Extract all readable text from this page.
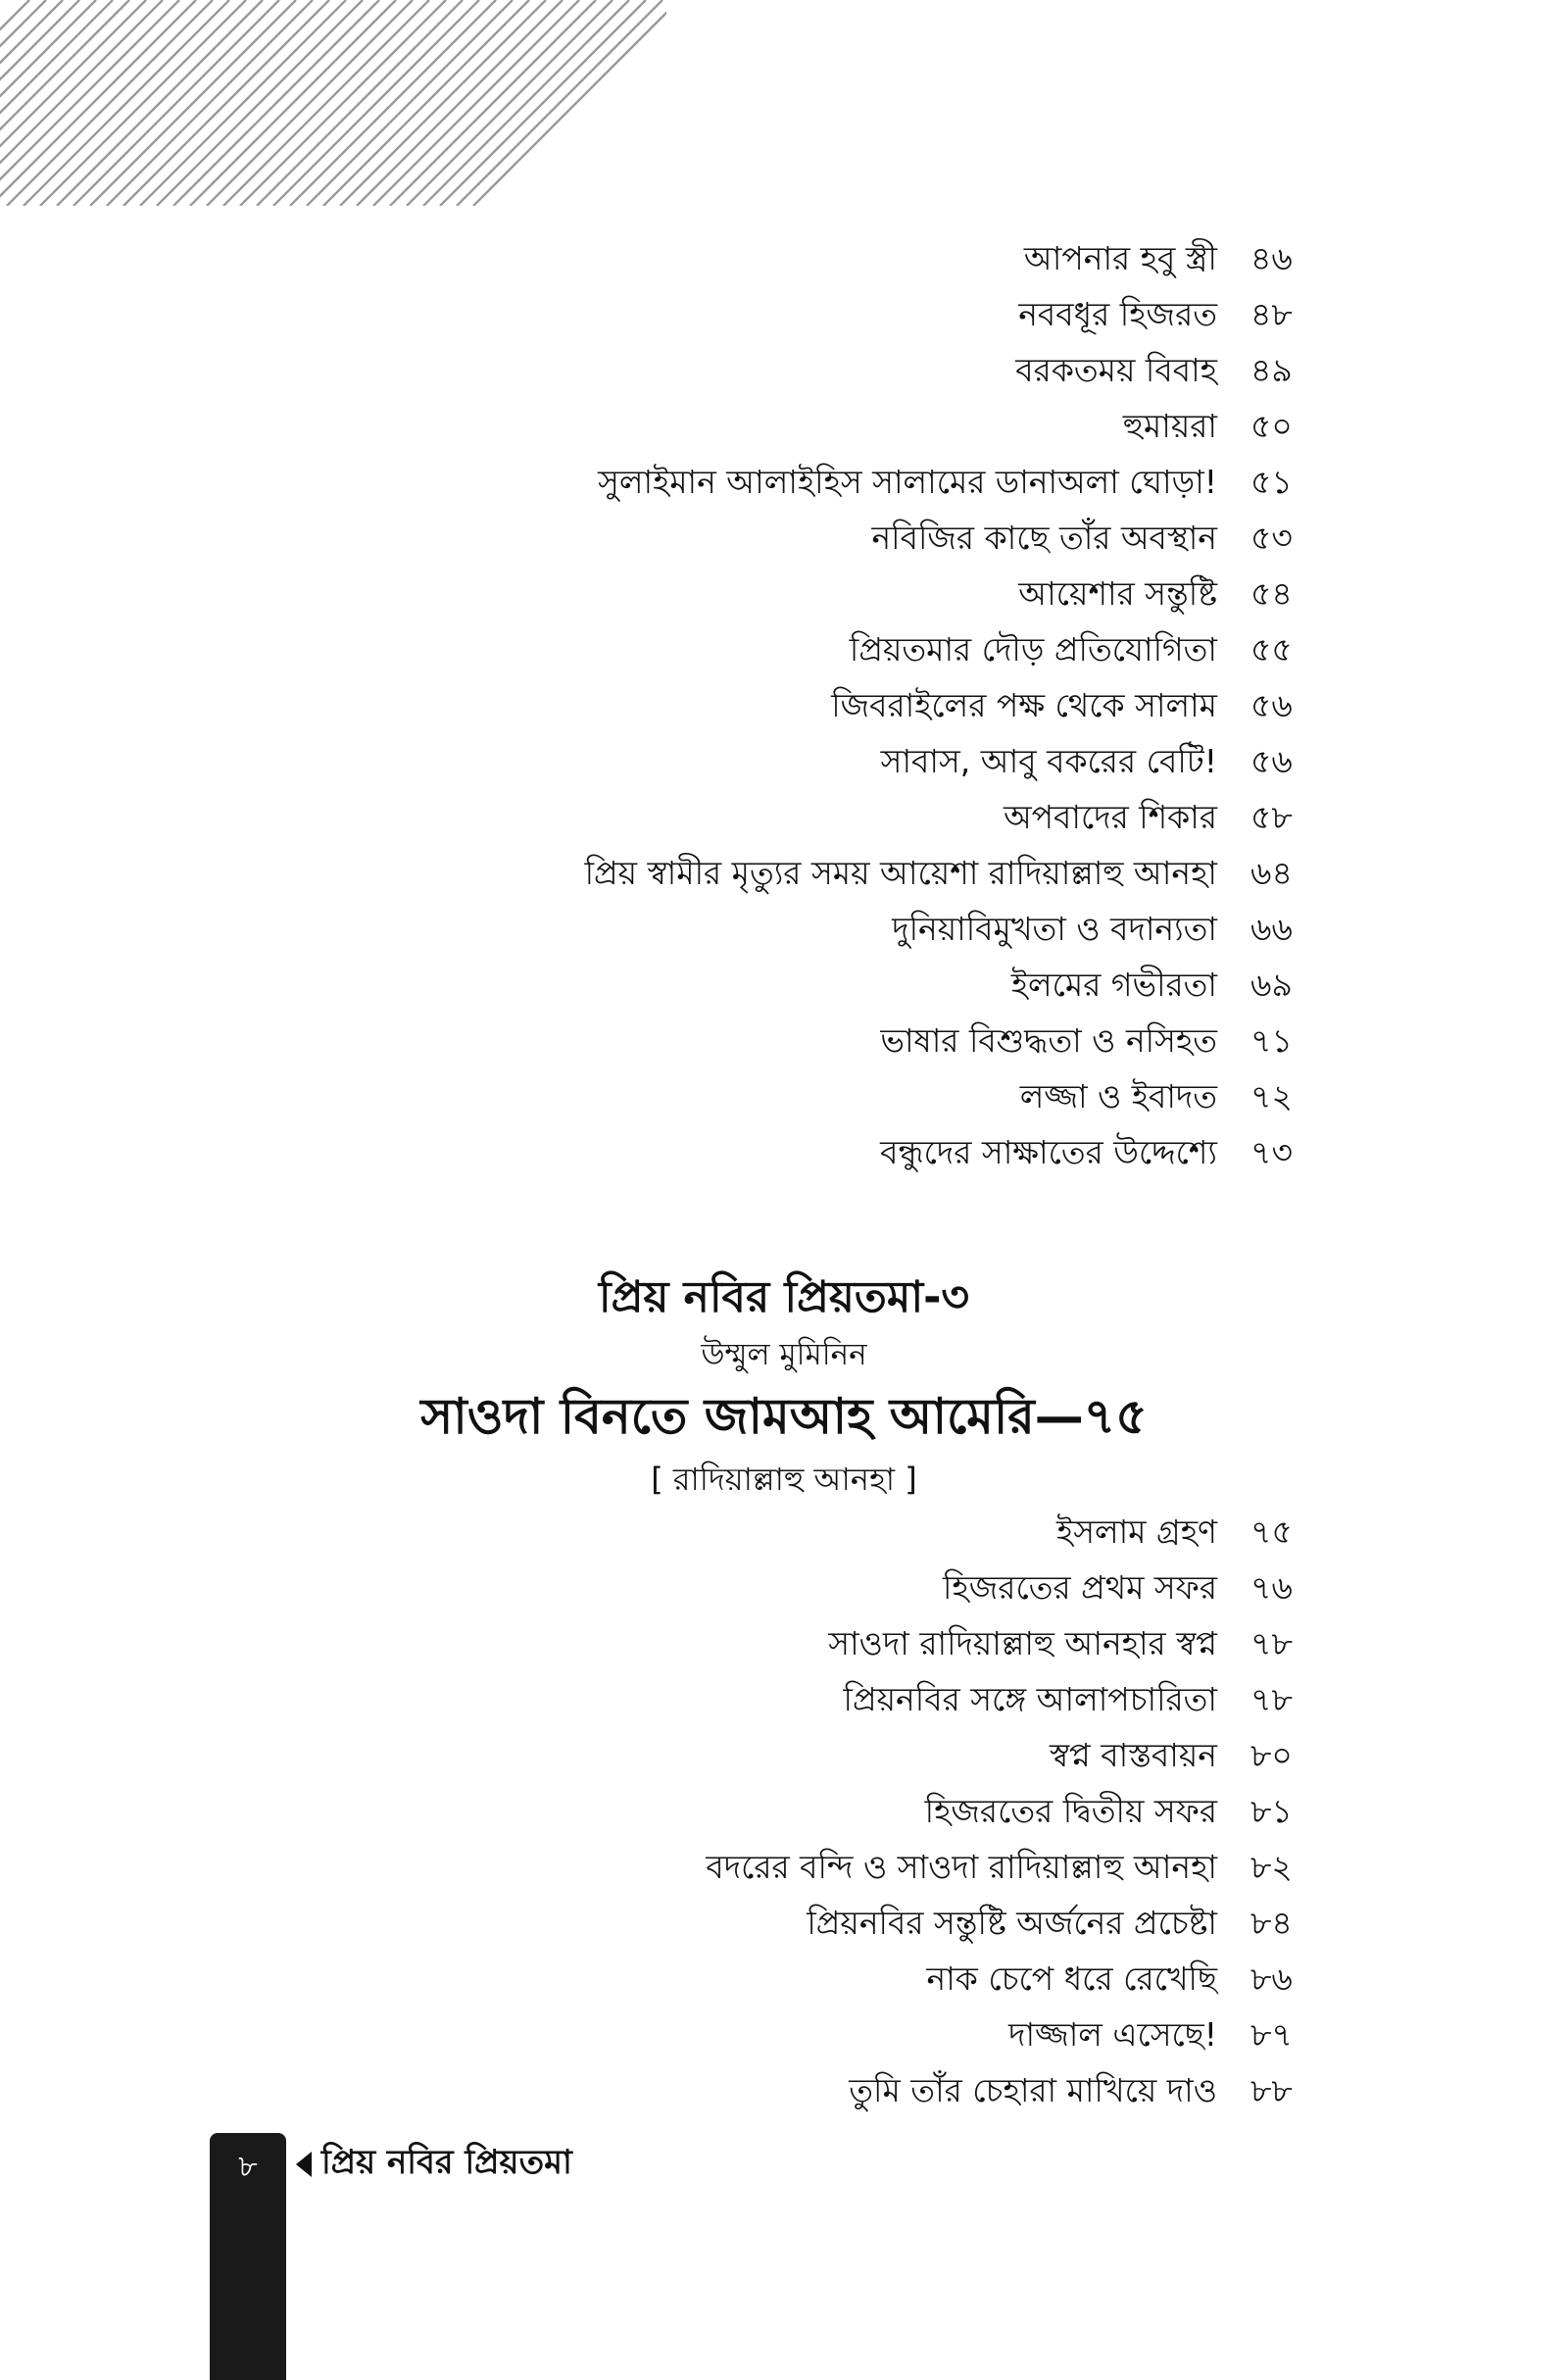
আপনার হবু স্ত্রী ৪৬
নববধূর হিজরত ৪৮
বরকতময় বিবাহ ৪৯
হুমায়রা ৫০
সুলাইমান আলাইহিস সালামের ডানাঅলা ঘোড়া! ৫১
নবিজির কাছে তাঁর অবস্থান ৫৩
আয়েশার সন্তুষ্টি ৫৪
প্রিয়তমার দৌড় প্রতিযোগিতা ৫৫
জিবরাইলের পক্ষ থেকে সালাম ৫৬
সাবাস, আবু বকরের বেটি! ৫৬
অপবাদের শিকার ৫৮
প্রিয় স্বামীর মৃত্যুর সময় আয়েশা রাদিয়াল্লাহু আনহা ৬৪
দুনিয়াবিমুখতা ও বদান্যতা ৬৬
ইলমের গভীরতা ৬৯
ভাষার বিশুদ্ধতা ও নসিহত ৭১
লজ্জা ও ইবাদত ৭২
বন্ধুদের সাক্ষাতের উদ্দেশ্যে ৭৩
প্রিয় নবির প্রিয়তমা-৩
উম্মুল মুমিনিন
সাওদা বিনতে জামআহ আমেরি—৭৫
[ রাদিয়াল্লাহু আনহা ]
ইসলাম গ্রহণ ৭৫
হিজরতের প্রথম সফর ৭৬
সাওদা রাদিয়াল্লাহু আনহার স্বপ্ন ৭৮
প্রিয়নবির সঙ্গে আলাপচারিতা ৭৮
স্বপ্ন বাস্তবায়ন ৮০
হিজরতের দ্বিতীয় সফর ৮১
বদরের বন্দি ও সাওদা রাদিয়াল্লাহু আনহা ৮২
প্রিয়নবির সন্তুষ্টি অর্জনের প্রচেষ্টা ৮৪
নাক চেপে ধরে রেখেছি ৮৬
দাজ্জাল এসেছে! ৮৭
তুমি তাঁর চেহারা মাখিয়ে দাও ৮৮
৮	প্রিয় নবির প্রিয়তমা
